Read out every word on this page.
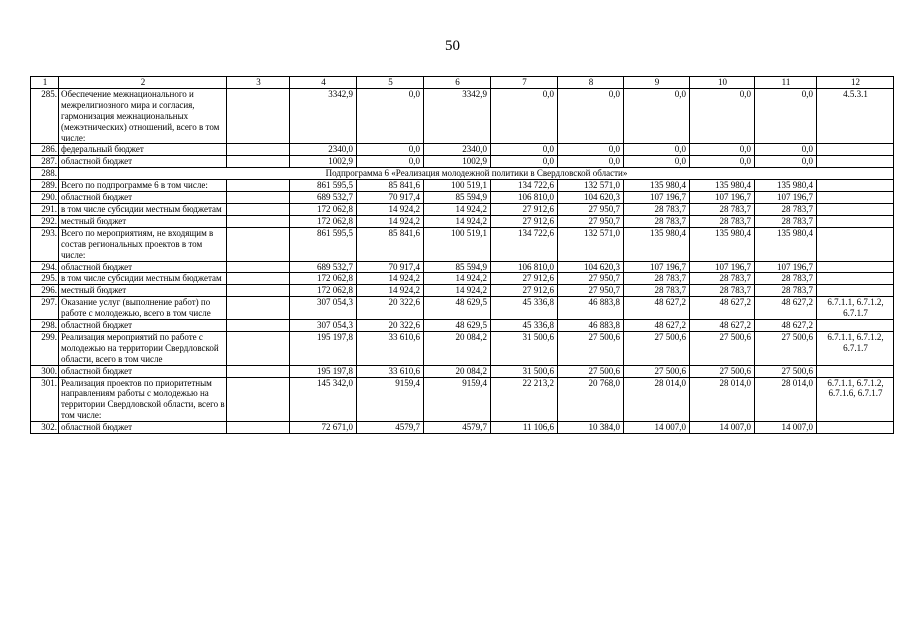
50
1	2	3	4	5	6	7	8	9	10	11	12
285.	Обеспечение межнационального и межрелигиозного мира и согласия, гармонизация межнациональных (межэтнических) отношений, всего в том числе:		3342,9	0,0	3342,9	0,0	0,0	0,0	0,0	0,0	4.5.3.1
286.	федеральный бюджет		2340,0	0,0	2340,0	0,0	0,0	0,0	0,0	0,0	
287.	областной бюджет		1002,9	0,0	1002,9	0,0	0,0	0,0	0,0	0,0	
288.	Подпрограмма 6 «Реализация молодежной политики в Свердловской области»										
289.	Всего по подпрограмме 6 в том числе:		861 595,5	85 841,6	100 519,1	134 722,6	132 571,0	135 980,4	135 980,4	135 980,4	
290.	областной бюджет		689 532,7	70 917,4	85 594,9	106 810,0	104 620,3	107 196,7	107 196,7	107 196,7	
291.	в том числе субсидии местным бюджетам		172 062,8	14 924,2	14 924,2	27 912,6	27 950,7	28 783,7	28 783,7	28 783,7	
292.	местный бюджет		172 062,8	14 924,2	14 924,2	27 912,6	27 950,7	28 783,7	28 783,7	28 783,7	
293.	Всего по мероприятиям, не входящим в состав региональных проектов в том числе:		861 595,5	85 841,6	100 519,1	134 722,6	132 571,0	135 980,4	135 980,4	135 980,4	
294.	областной бюджет		689 532,7	70 917,4	85 594,9	106 810,0	104 620,3	107 196,7	107 196,7	107 196,7	
295.	в том числе субсидии местным бюджетам		172 062,8	14 924,2	14 924,2	27 912,6	27 950,7	28 783,7	28 783,7	28 783,7	
296.	местный бюджет		172 062,8	14 924,2	14 924,2	27 912,6	27 950,7	28 783,7	28 783,7	28 783,7	
297.	Оказание услуг (выполнение работ) по работе с молодежью, всего в том числе		307 054,3	20 322,6	48 629,5	45 336,8	46 883,8	48 627,2	48 627,2	48 627,2	6.7.1.1, 6.7.1.2, 6.7.1.7
298.	областной бюджет		307 054,3	20 322,6	48 629,5	45 336,8	46 883,8	48 627,2	48 627,2	48 627,2	
299.	Реализация мероприятий по работе с молодежью на территории Свердловской области, всего в том числе		195 197,8	33 610,6	20 084,2	31 500,6	27 500,6	27 500,6	27 500,6	27 500,6	6.7.1.1, 6.7.1.2, 6.7.1.7
300.	областной бюджет		195 197,8	33 610,6	20 084,2	31 500,6	27 500,6	27 500,6	27 500,6	27 500,6	
301.	Реализация проектов по приоритетным направлениям работы с молодежью на территории Свердловской области, всего в том числе:		145 342,0	9159,4	9159,4	22 213,2	20 768,0	28 014,0	28 014,0	28 014,0	6.7.1.1, 6.7.1.2, 6.7.1.6, 6.7.1.7
302.	областной бюджет		72 671,0	4579,7	4579,7	11 106,6	10 384,0	14 007,0	14 007,0	14 007,0	
